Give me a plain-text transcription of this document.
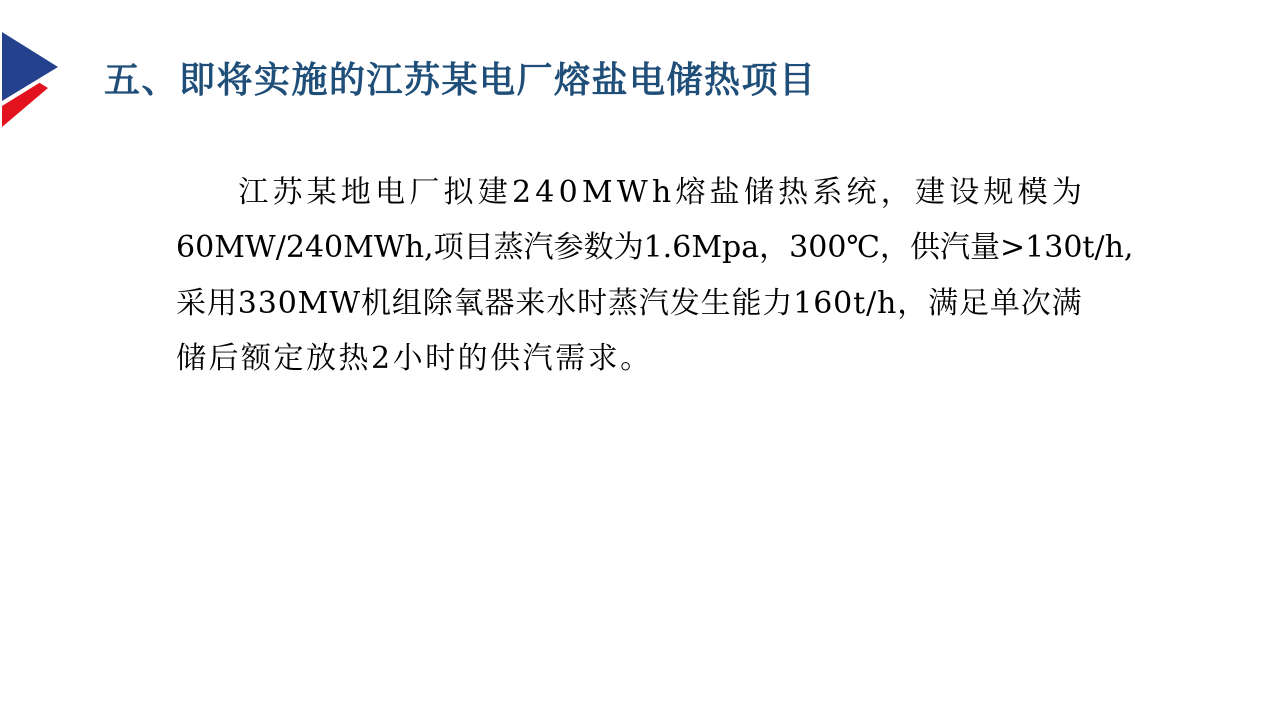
五、即将实施的江苏某电厂熔盐电储热项目
江 苏 某 地 电 厂 拟 建 2 4 0 M W h 熔 盐 储 热 系 统 ， 建 设 规 模 为
6 0 M W / 2 4 0 M W h , 项 目 蒸 汽 参 数 为 1 . 6 M p a ， 3 0 0 ℃ ， 供 汽 量 > 1 3 0 t / h ,
采 用 3 3 0 M W 机 组 除 氧 器 来 水 时 蒸 汽 发 生 能 力 1 6 0 t / h ， 满 足 单 次 满
储后额定放热2小时的供汽需求。
